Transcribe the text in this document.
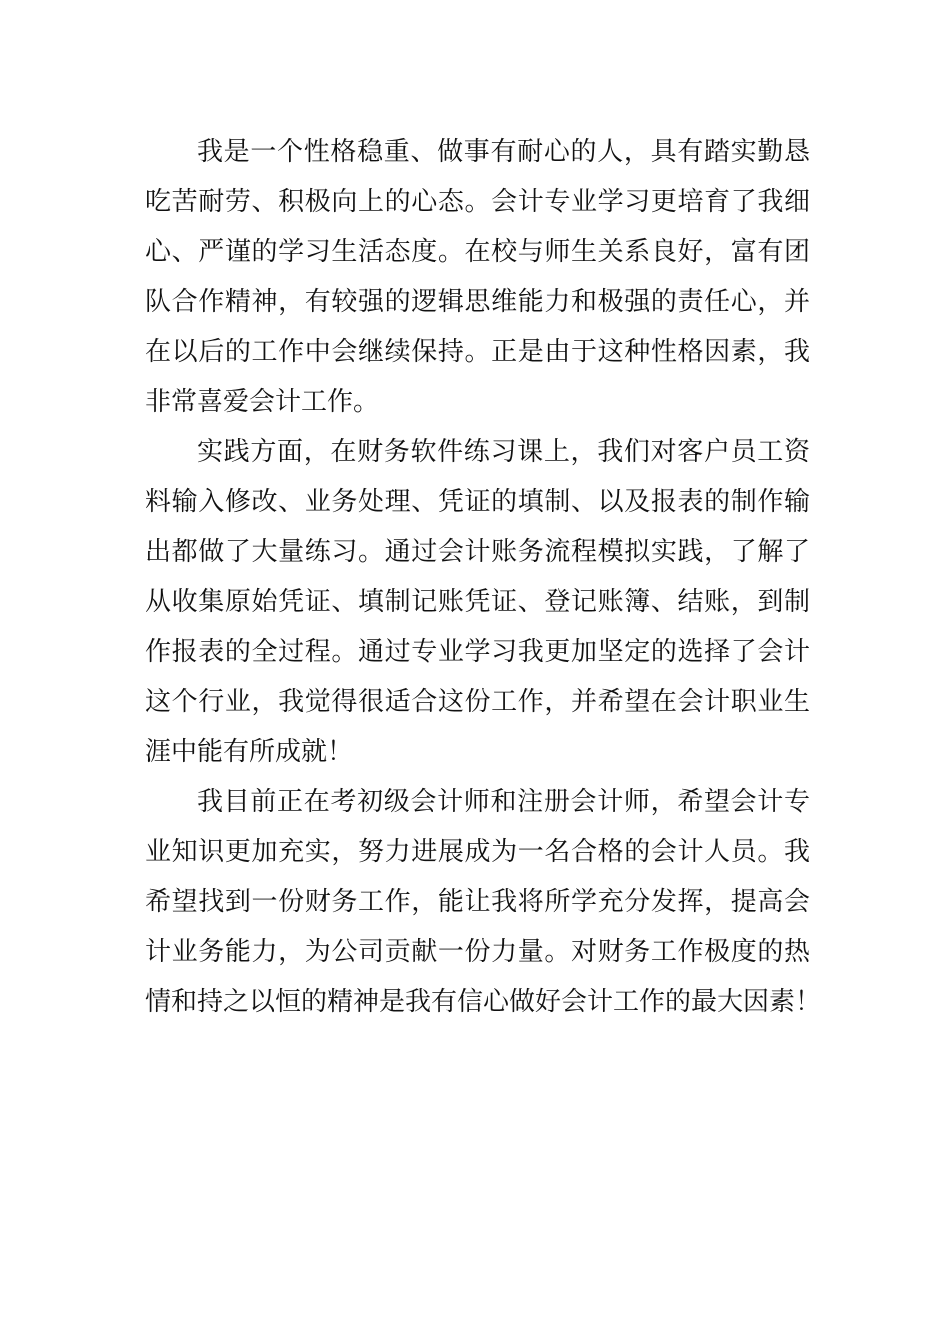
我是一个性格稳重、做事有耐心的人，具有踏实勤恳
吃苦耐劳、积极向上的心态。会计专业学习更培育了我细
心、严谨的学习生活态度。在校与师生关系良好，富有团
队合作精神，有较强的逻辑思维能力和极强的责任心，并
在以后的工作中会继续保持。正是由于这种性格因素，我
非常喜爱会计工作。
实践方面，在财务软件练习课上，我们对客户员工资
料输入修改、业务处理、凭证的填制、以及报表的制作输
出都做了大量练习。通过会计账务流程模拟实践，了解了
从收集原始凭证、填制记账凭证、登记账簿、结账，到制
作报表的全过程。通过专业学习我更加坚定的选择了会计
这个行业，我觉得很适合这份工作，并希望在会计职业生
涯中能有所成就！
我目前正在考初级会计师和注册会计师，希望会计专
业知识更加充实，努力进展成为一名合格的会计人员。我
希望找到一份财务工作，能让我将所学充分发挥，提高会
计业务能力，为公司贡献一份力量。对财务工作极度的热
情和持之以恒的精神是我有信心做好会计工作的最大因素！
